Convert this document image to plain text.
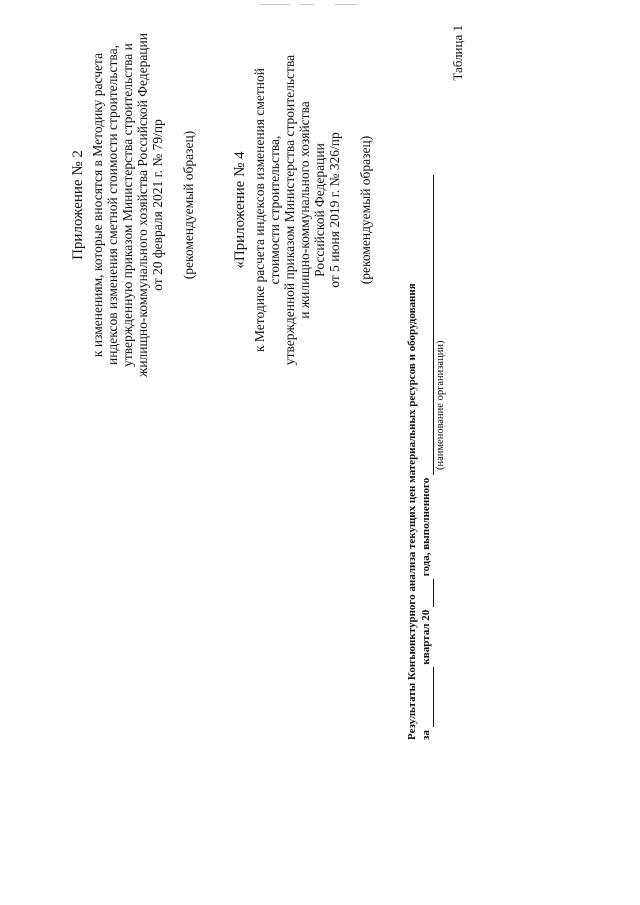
Приложение № 2 к изменениям, которые вносятся в Методику расчета индексов изменения сметной стоимости строительства, утвержденную приказом Министерства строительства и жилищно-коммунального хозяйства Российской Федерации от 20 февраля 2021 г. № 79/пр (рекомендуемый образец) «Приложение № 4 к Методике расчета индексов изменения сметной стоимости строительства, утвержденной приказом Министерства строительства и жилищно-коммунального хозяйства Российской Федерации от 5 июня 2019 г. № 326/пр (рекомендуемый образец)
Таблица 1
Результаты Конъюнктурного анализа текущих цен материальных ресурсов и оборудования за  квартал 20  года, выполненного
(наименование организации)
